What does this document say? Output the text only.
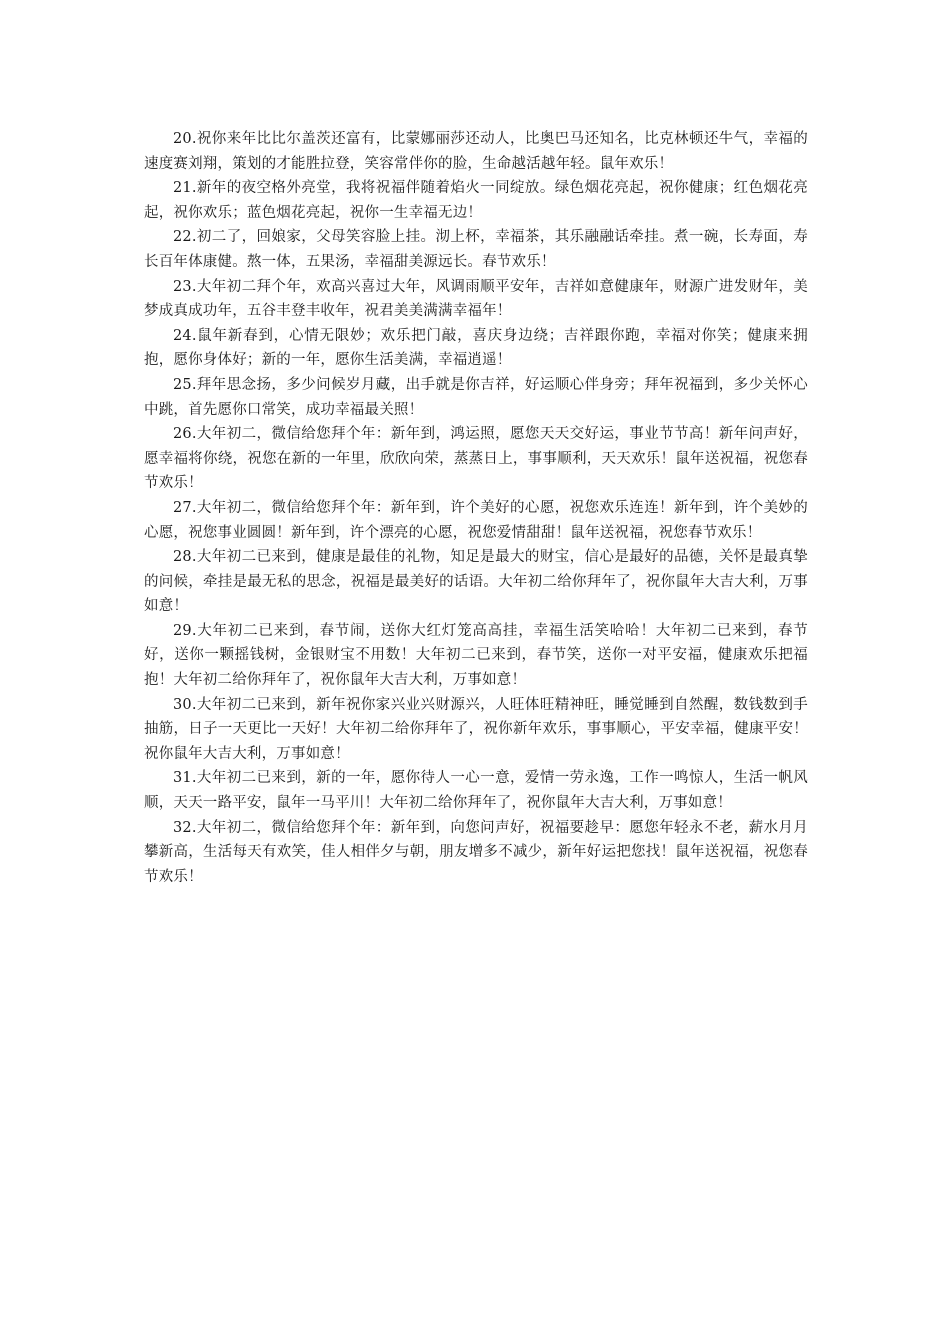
20.祝你来年比比尔盖茨还富有，比蒙娜丽莎还动人，比奥巴马还知名，比克林顿还牛气，幸福的速度赛刘翔，策划的才能胜拉登，笑容常伴你的脸，生命越活越年轻。鼠年欢乐！

21.新年的夜空格外亮堂，我将祝福伴随着焰火一同绽放。绿色烟花亮起，祝你健康；红色烟花亮起，祝你欢乐；蓝色烟花亮起，祝你一生幸福无边！

22.初二了，回娘家，父母笑容脸上挂。沏上杯，幸福茶，其乐融融话牵挂。煮一碗，长寿面，寿长百年体康健。熬一体，五果汤，幸福甜美源远长。春节欢乐！

23.大年初二拜个年，欢高兴喜过大年，风调雨顺平安年，吉祥如意健康年，财源广进发财年，美梦成真成功年，五谷丰登丰收年，祝君美美满满幸福年！

24.鼠年新春到，心情无限妙；欢乐把门敲，喜庆身边绕；吉祥跟你跑，幸福对你笑；健康来拥抱，愿你身体好；新的一年，愿你生活美满，幸福逍遥！

25.拜年思念扬，多少问候岁月藏，出手就是你吉祥，好运顺心伴身旁；拜年祝福到，多少关怀心中跳，首先愿你口常笑，成功幸福最关照！

26.大年初二，微信给您拜个年：新年到，鸿运照，愿您天天交好运，事业节节高！新年问声好，愿幸福将你绕，祝您在新的一年里，欣欣向荣，蒸蒸日上，事事顺利，天天欢乐！鼠年送祝福，祝您春节欢乐！

27.大年初二，微信给您拜个年：新年到，许个美好的心愿，祝您欢乐连连！新年到，许个美妙的心愿，祝您事业圆圆！新年到，许个漂亮的心愿，祝您爱情甜甜！鼠年送祝福，祝您春节欢乐！

28.大年初二已来到，健康是最佳的礼物，知足是最大的财宝，信心是最好的品德，关怀是最真挚的问候，牵挂是最无私的思念，祝福是最美好的话语。大年初二给你拜年了，祝你鼠年大吉大利，万事如意！

29.大年初二已来到，春节闹，送你大红灯笼高高挂，幸福生活笑哈哈！大年初二已来到，春节好，送你一颗摇钱树，金银财宝不用数！大年初二已来到，春节笑，送你一对平安福，健康欢乐把福抱！大年初二给你拜年了，祝你鼠年大吉大利，万事如意！

30.大年初二已来到，新年祝你家兴业兴财源兴，人旺体旺精神旺，睡觉睡到自然醒，数钱数到手抽筋，日子一天更比一天好！大年初二给你拜年了，祝你新年欢乐，事事顺心，平安幸福，健康平安！祝你鼠年大吉大利，万事如意！

31.大年初二已来到，新的一年，愿你待人一心一意，爱情一劳永逸，工作一鸣惊人，生活一帆风顺，天天一路平安，鼠年一马平川！大年初二给你拜年了，祝你鼠年大吉大利，万事如意！

32.大年初二，微信给您拜个年：新年到，向您问声好，祝福要趁早：愿您年轻永不老，薪水月月攀新高，生活每天有欢笑，佳人相伴夕与朝，朋友增多不减少，新年好运把您找！鼠年送祝福，祝您春节欢乐！
